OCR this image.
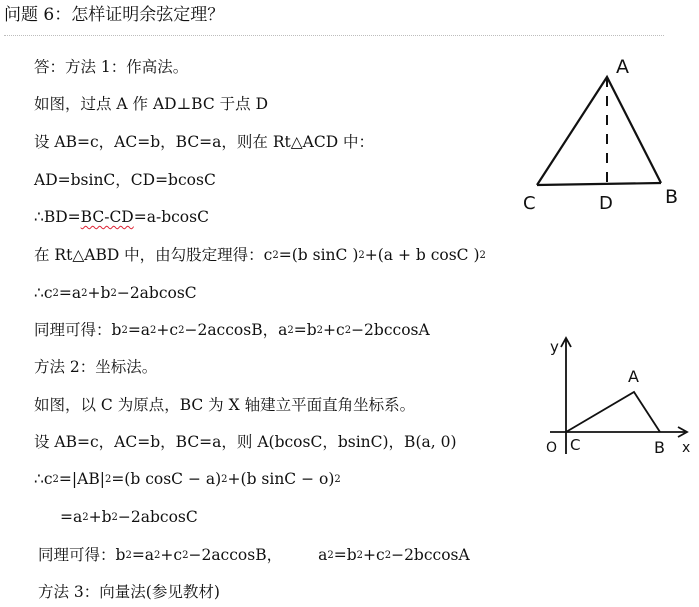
问题 6：怎样证明余弦定理？
答：方法 1：作高法。
如图，过点 A 作 AD⊥BC 于点 D
设 AB=c，AC=b，BC=a，则在 Rt△ACD 中：
AD=bsinC，CD=bcosC
∴BD=BC-CD=a-bcosC
在 Rt△ABD 中，由勾股定理得：$c^2=(b$ sinC )$^2$+(a + b cosC )$^2$
$\therefore c^2=a^2+b^2-2abcosC$
同理可得：$b^2=a^2+c^2-2accosB$，$a^2=b^2+c^2-2bccosA$
方法 2：坐标法。
如图，以 C 为原点，BC 为 X 轴建立平面直角坐标系。
设 AB=c，AC=b，BC=a，则 A(bcosC，bsinC)，B(a, 0)
$\therefore c^2=|AB|^2=(b$ cosC − a)$^2$+(b sinC − o)$^2$
$=a^2+b^2-2abcosC$
同理可得：$b^2=a^2+c^2-2accosB$， $a^2=b^2+c^2-2bccosA$
方法 3：向量法(参见教材)
A
C	D	B
y
A
O C	B x
